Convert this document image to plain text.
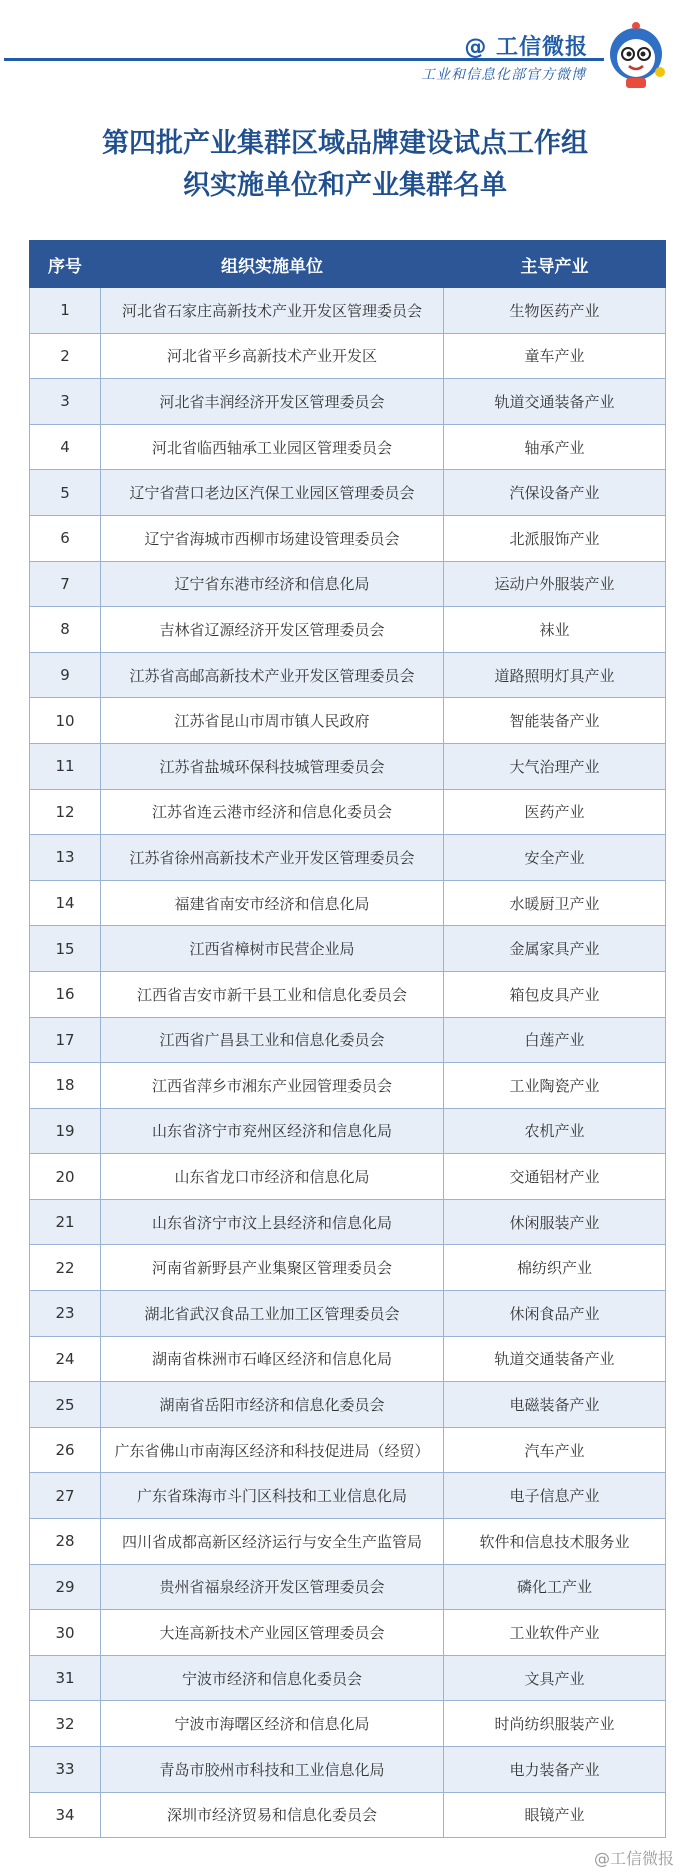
@ 工信微报
工业和信息化部官方微博
第四批产业集群区域品牌建设试点工作组
织实施单位和产业集群名单
序号	组织实施单位	主导产业
1	河北省石家庄高新技术产业开发区管理委员会	生物医药产业
2	河北省平乡高新技术产业开发区	童车产业
3	河北省丰润经济开发区管理委员会	轨道交通装备产业
4	河北省临西轴承工业园区管理委员会	轴承产业
5	辽宁省营口老边区汽保工业园区管理委员会	汽保设备产业
6	辽宁省海城市西柳市场建设管理委员会	北派服饰产业
7	辽宁省东港市经济和信息化局	运动户外服装产业
8	吉林省辽源经济开发区管理委员会	袜业
9	江苏省高邮高新技术产业开发区管理委员会	道路照明灯具产业
10	江苏省昆山市周市镇人民政府	智能装备产业
11	江苏省盐城环保科技城管理委员会	大气治理产业
12	江苏省连云港市经济和信息化委员会	医药产业
13	江苏省徐州高新技术产业开发区管理委员会	安全产业
14	福建省南安市经济和信息化局	水暖厨卫产业
15	江西省樟树市民营企业局	金属家具产业
16	江西省吉安市新干县工业和信息化委员会	箱包皮具产业
17	江西省广昌县工业和信息化委员会	白莲产业
18	江西省萍乡市湘东产业园管理委员会	工业陶瓷产业
19	山东省济宁市兖州区经济和信息化局	农机产业
20	山东省龙口市经济和信息化局	交通铝材产业
21	山东省济宁市汶上县经济和信息化局	休闲服装产业
22	河南省新野县产业集聚区管理委员会	棉纺织产业
23	湖北省武汉食品工业加工区管理委员会	休闲食品产业
24	湖南省株洲市石峰区经济和信息化局	轨道交通装备产业
25	湖南省岳阳市经济和信息化委员会	电磁装备产业
26	广东省佛山市南海区经济和科技促进局（经贸）	汽车产业
27	广东省珠海市斗门区科技和工业信息化局	电子信息产业
28	四川省成都高新区经济运行与安全生产监管局	软件和信息技术服务业
29	贵州省福泉经济开发区管理委员会	磷化工产业
30	大连高新技术产业园区管理委员会	工业软件产业
31	宁波市经济和信息化委员会	文具产业
32	宁波市海曙区经济和信息化局	时尚纺织服装产业
33	青岛市胶州市科技和工业信息化局	电力装备产业
34	深圳市经济贸易和信息化委员会	眼镜产业
@工信微报
